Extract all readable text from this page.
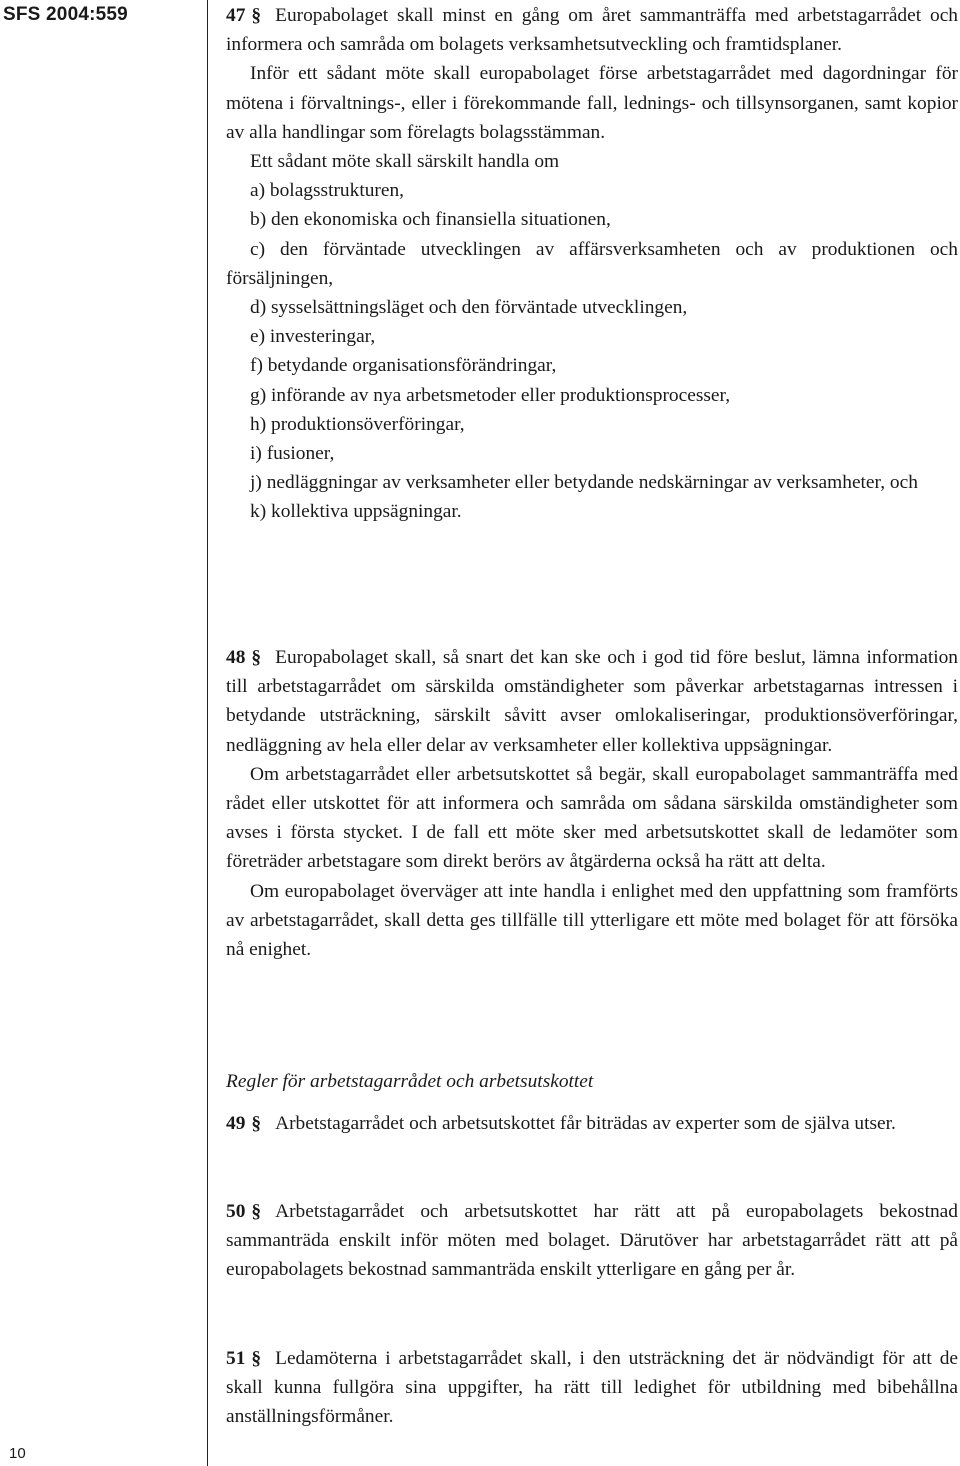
SFS 2004:559
10

47 § Europabolaget skall minst en gång om året sammanträffa med arbetstagarrådet och informera och samråda om bolagets verksamhetsutveckling och framtidsplaner.

Inför ett sådant möte skall europabolaget förse arbetstagarrådet med dagordningar för mötena i förvaltnings-, eller i förekommande fall, lednings- och tillsynsorganen, samt kopior av alla handlingar som förelagts bolagsstämman.

Ett sådant möte skall särskilt handla om

a) bolagsstrukturen,

b) den ekonomiska och finansiella situationen,

c) den förväntade utvecklingen av affärsverksamheten och av produktionen och försäljningen,

d) sysselsättningsläget och den förväntade utvecklingen,

e) investeringar,

f) betydande organisationsförändringar,

g) införande av nya arbetsmetoder eller produktionsprocesser,

h) produktionsöverföringar,

i) fusioner,

j) nedläggningar av verksamheter eller betydande nedskärningar av verksamheter, och

k) kollektiva uppsägningar.

48 § Europabolaget skall, så snart det kan ske och i god tid före beslut, lämna information till arbetstagarrådet om särskilda omständigheter som påverkar arbetstagarnas intressen i betydande utsträckning, särskilt såvitt avser omlokaliseringar, produktionsöverföringar, nedläggning av hela eller delar av verksamheter eller kollektiva uppsägningar.

Om arbetstagarrådet eller arbetsutskottet så begär, skall europabolaget sammanträffa med rådet eller utskottet för att informera och samråda om sådana särskilda omständigheter som avses i första stycket. I de fall ett möte sker med arbetsutskottet skall de ledamöter som företräder arbetstagare som direkt berörs av åtgärderna också ha rätt att delta.

Om europabolaget överväger att inte handla i enlighet med den uppfattning som framförts av arbetstagarrådet, skall detta ges tillfälle till ytterligare ett möte med bolaget för att försöka nå enighet.

Regler för arbetstagarrådet och arbetsutskottet

49 § Arbetstagarrådet och arbetsutskottet får biträdas av experter som de själva utser.

50 § Arbetstagarrådet och arbetsutskottet har rätt att på europabolagets bekostnad sammanträda enskilt inför möten med bolaget. Därutöver har arbetstagarrådet rätt att på europabolagets bekostnad sammanträda enskilt ytterligare en gång per år.

51 § Ledamöterna i arbetstagarrådet skall, i den utsträckning det är nödvändigt för att de skall kunna fullgöra sina uppgifter, ha rätt till ledighet för utbildning med bibehållna anställningsförmåner.
